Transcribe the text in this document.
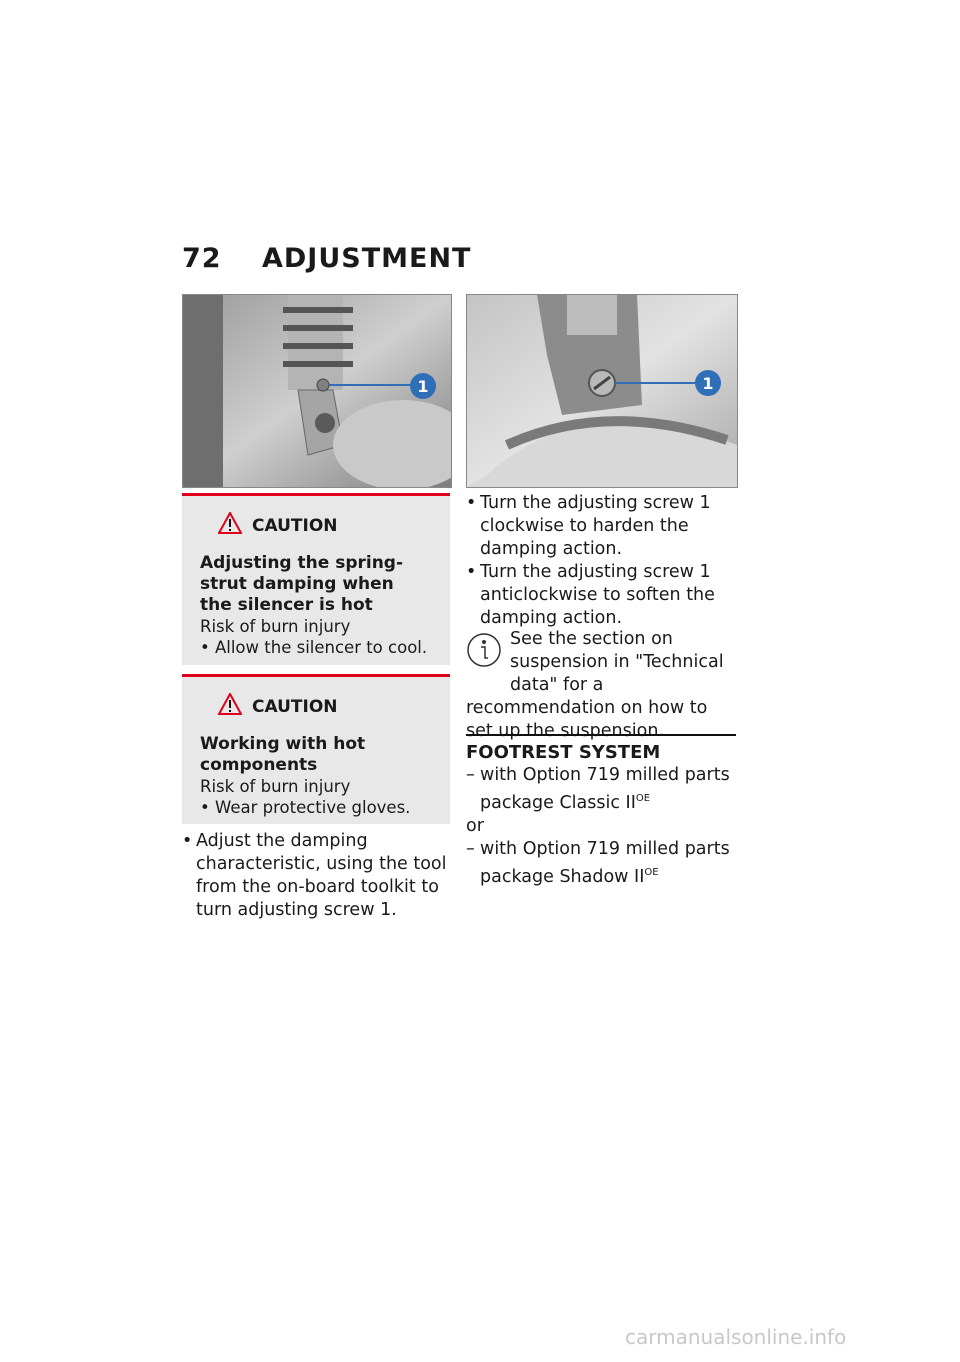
72 ADJUSTMENT
1	1
CAUTION
Adjusting the spring-strut damping when the silencer is hot
Risk of burn injury
• Allow the silencer to cool.
CAUTION
Working with hot components
Risk of burn injury
• Wear protective gloves.
• Adjust the damping characteristic, using the tool from the on-board toolkit to turn adjusting screw 1.
• Turn the adjusting screw 1 clockwise to harden the damping action.
• Turn the adjusting screw 1 anticlockwise to soften the damping action.
See the section on suspension in "Technical data" for a recommendation on how to set up the suspension.
FOOTREST SYSTEM
– with Option 719 milled parts package Classic $II^{OE}$
or
– with Option 719 milled parts package Shadow $II^{OE}$
carmanualsonline.info
